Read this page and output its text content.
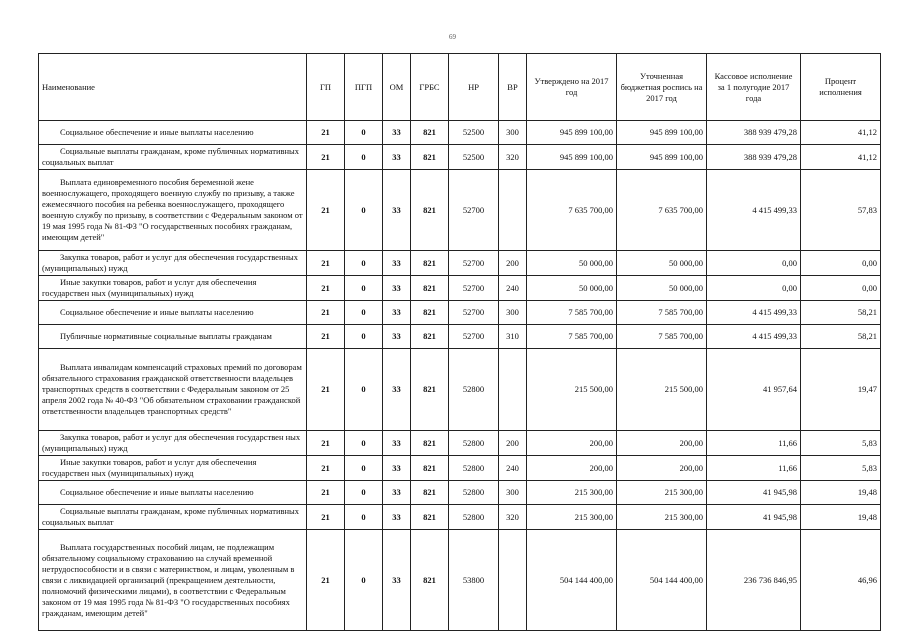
69
Наименование	ГП	ПГП	ОМ	ГРБС	НР	ВР	Утверждено на 2017 год	Уточненная бюджетная роспись на 2017 год	Кассовое исполнение за 1 полугодие 2017 года	Процент исполнения
Социальное обеспечение и иные выплаты населению	21	0	33	821	52500	300	945 899 100,00	945 899 100,00	388 939 479,28	41,12
Социальные выплаты гражданам, кроме публичных нормативных социальных выплат	21	0	33	821	52500	320	945 899 100,00	945 899 100,00	388 939 479,28	41,12
Выплата единовременного пособия беременной жене военнослужащего, проходящего военную службу по призыву, а также ежемесячного пособия на ребенка военнослужащего, проходящего военную службу по призыву, в соответствии с Федеральным законом от 19 мая 1995 года № 81-ФЗ "О государственных пособиях гражданам, имеющим детей"	21	0	33	821	52700		7 635 700,00	7 635 700,00	4 415 499,33	57,83
Закупка товаров, работ и услуг для обеспечения государственных (муниципальных) нужд	21	0	33	821	52700	200	50 000,00	50 000,00	0,00	0,00
Иные закупки товаров, работ и услуг для обеспечения государствен ных (муниципальных) нужд	21	0	33	821	52700	240	50 000,00	50 000,00	0,00	0,00
Социальное обеспечение и иные выплаты населению	21	0	33	821	52700	300	7 585 700,00	7 585 700,00	4 415 499,33	58,21
Публичные нормативные социальные выплаты гражданам	21	0	33	821	52700	310	7 585 700,00	7 585 700,00	4 415 499,33	58,21
Выплата инвалидам компенсаций страховых премий по договорам обязательного страхования гражданской ответственности владельцев транспортных средств в соответствии с Федеральным законом от 25 апреля 2002 года № 40-ФЗ "Об обязательном страховании гражданской ответственности владельцев транспортных средств"	21	0	33	821	52800		215 500,00	215 500,00	41 957,64	19,47
Закупка товаров, работ и услуг для обеспечения государствен ных (муниципальных) нужд	21	0	33	821	52800	200	200,00	200,00	11,66	5,83
Иные закупки товаров, работ и услуг для обеспечения государствен ных (муниципальных) нужд	21	0	33	821	52800	240	200,00	200,00	11,66	5,83
Социальное обеспечение и иные выплаты населению	21	0	33	821	52800	300	215 300,00	215 300,00	41 945,98	19,48
Социальные выплаты гражданам, кроме публичных нормативных социальных выплат	21	0	33	821	52800	320	215 300,00	215 300,00	41 945,98	19,48
Выплата государственных пособий лицам, не подлежащим обязательному социальному страхованию на случай временной нетрудоспособности и в связи с материнством, и лицам, уволенным в связи с ликвидацией организаций (прекращением деятельности, полномочий физическими лицами), в соответствии с Федеральным законом от 19 мая 1995 года № 81-ФЗ "О государственных пособиях гражданам, имеющим детей"	21	0	33	821	53800		504 144 400,00	504 144 400,00	236 736 846,95	46,96
